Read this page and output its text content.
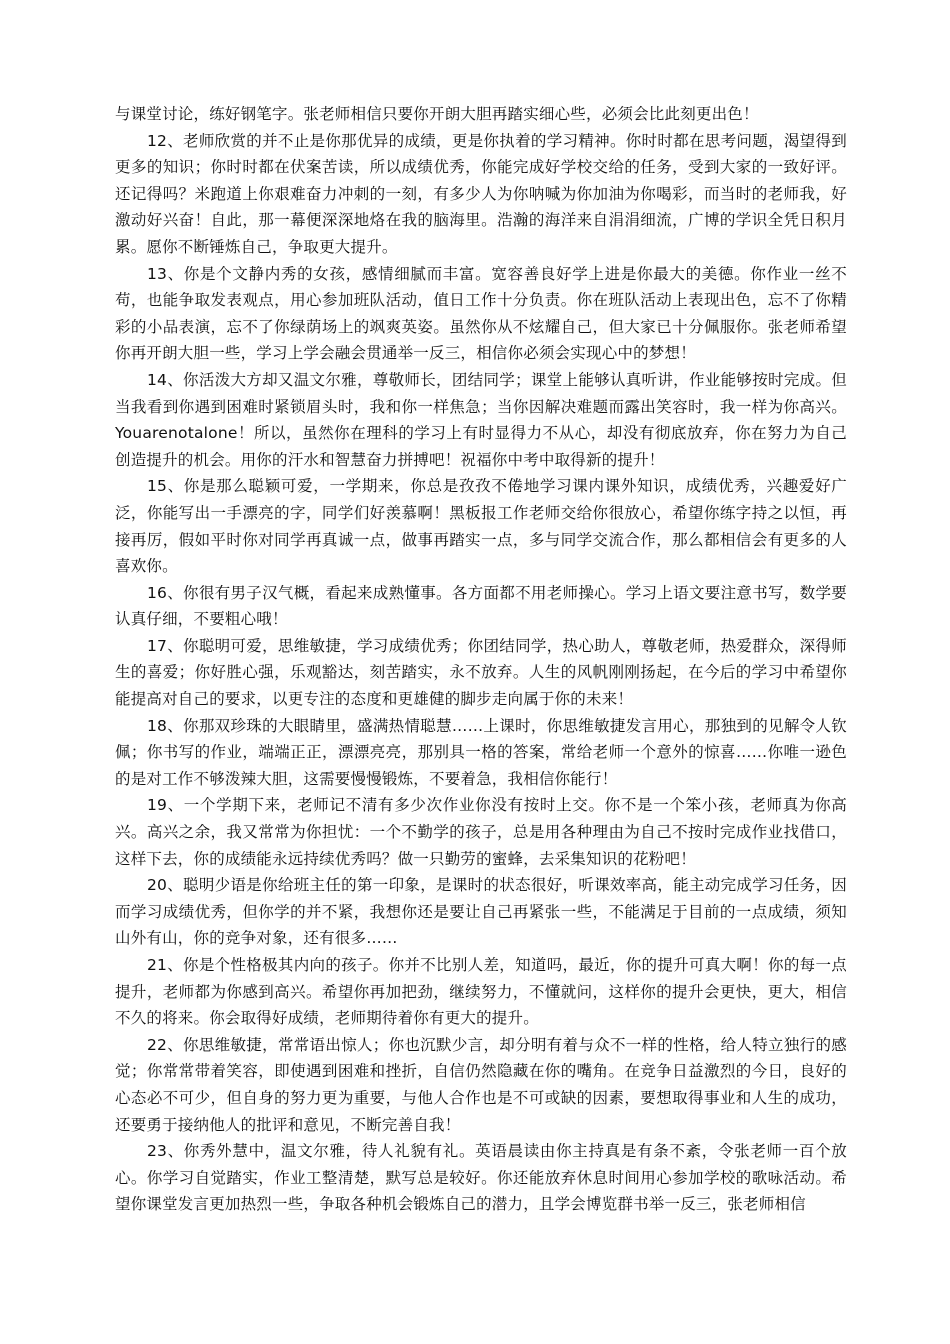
与课堂讨论，练好钢笔字。张老师相信只要你开朗大胆再踏实细心些，必须会比此刻更出色！

12、老师欣赏的并不止是你那优异的成绩，更是你执着的学习精神。你时时都在思考问题，渴望得到更多的知识；你时时都在伏案苦读，所以成绩优秀，你能完成好学校交给的任务，受到大家的一致好评。还记得吗？米跑道上你艰难奋力冲刺的一刻，有多少人为你呐喊为你加油为你喝彩，而当时的老师我，好激动好兴奋！自此，那一幕便深深地烙在我的脑海里。浩瀚的海洋来自涓涓细流，广博的学识全凭日积月累。愿你不断锤炼自己，争取更大提升。

13、你是个文静内秀的女孩，感情细腻而丰富。宽容善良好学上进是你最大的美德。你作业一丝不苟，也能争取发表观点，用心参加班队活动，值日工作十分负责。你在班队活动上表现出色，忘不了你精彩的小品表演，忘不了你绿荫场上的飒爽英姿。虽然你从不炫耀自己，但大家已十分佩服你。张老师希望你再开朗大胆一些，学习上学会融会贯通举一反三，相信你必须会实现心中的梦想！

14、你活泼大方却又温文尔雅，尊敬师长，团结同学；课堂上能够认真听讲，作业能够按时完成。但当我看到你遇到困难时紧锁眉头时，我和你一样焦急；当你因解决难题而露出笑容时，我一样为你高兴。Youarenotalone！所以，虽然你在理科的学习上有时显得力不从心，却没有彻底放弃，你在努力为自己创造提升的机会。用你的汗水和智慧奋力拼搏吧！祝福你中考中取得新的提升！

15、你是那么聪颖可爱，一学期来，你总是孜孜不倦地学习课内课外知识，成绩优秀，兴趣爱好广泛，你能写出一手漂亮的字，同学们好羡慕啊！黑板报工作老师交给你很放心，希望你练字持之以恒，再接再厉，假如平时你对同学再真诚一点，做事再踏实一点，多与同学交流合作，那么都相信会有更多的人喜欢你。

16、你很有男子汉气概，看起来成熟懂事。各方面都不用老师操心。学习上语文要注意书写，数学要认真仔细，不要粗心哦！

17、你聪明可爱，思维敏捷，学习成绩优秀；你团结同学，热心助人，尊敬老师，热爱群众，深得师生的喜爱；你好胜心强，乐观豁达，刻苦踏实，永不放弃。人生的风帆刚刚扬起，在今后的学习中希望你能提高对自己的要求，以更专注的态度和更雄健的脚步走向属于你的未来！

18、你那双珍珠的大眼睛里，盛满热情聪慧……上课时，你思维敏捷发言用心，那独到的见解令人钦佩；你书写的作业，端端正正，漂漂亮亮，那别具一格的答案，常给老师一个意外的惊喜……你唯一逊色的是对工作不够泼辣大胆，这需要慢慢锻炼，不要着急，我相信你能行！

19、一个学期下来，老师记不清有多少次作业你没有按时上交。你不是一个笨小孩，老师真为你高兴。高兴之余，我又常常为你担忧：一个不勤学的孩子，总是用各种理由为自己不按时完成作业找借口，这样下去，你的成绩能永远持续优秀吗？做一只勤劳的蜜蜂，去采集知识的花粉吧！

20、聪明少语是你给班主任的第一印象，是课时的状态很好，听课效率高，能主动完成学习任务，因而学习成绩优秀，但你学的并不紧，我想你还是要让自己再紧张一些，不能满足于目前的一点成绩，须知山外有山，你的竞争对象，还有很多……

21、你是个性格极其内向的孩子。你并不比别人差，知道吗，最近，你的提升可真大啊！你的每一点提升，老师都为你感到高兴。希望你再加把劲，继续努力，不懂就问，这样你的提升会更快，更大，相信不久的将来。你会取得好成绩，老师期待着你有更大的提升。

22、你思维敏捷，常常语出惊人；你也沉默少言，却分明有着与众不一样的性格，给人特立独行的感觉；你常常带着笑容，即使遇到困难和挫折，自信仍然隐藏在你的嘴角。在竞争日益激烈的今日，良好的心态必不可少，但自身的努力更为重要，与他人合作也是不可或缺的因素，要想取得事业和人生的成功，还要勇于接纳他人的批评和意见，不断完善自我！

23、你秀外慧中，温文尔雅，待人礼貌有礼。英语晨读由你主持真是有条不紊，令张老师一百个放心。你学习自觉踏实，作业工整清楚，默写总是较好。你还能放弃休息时间用心参加学校的歌咏活动。希望你课堂发言更加热烈一些，争取各种机会锻炼自己的潜力，且学会博览群书举一反三，张老师相信
